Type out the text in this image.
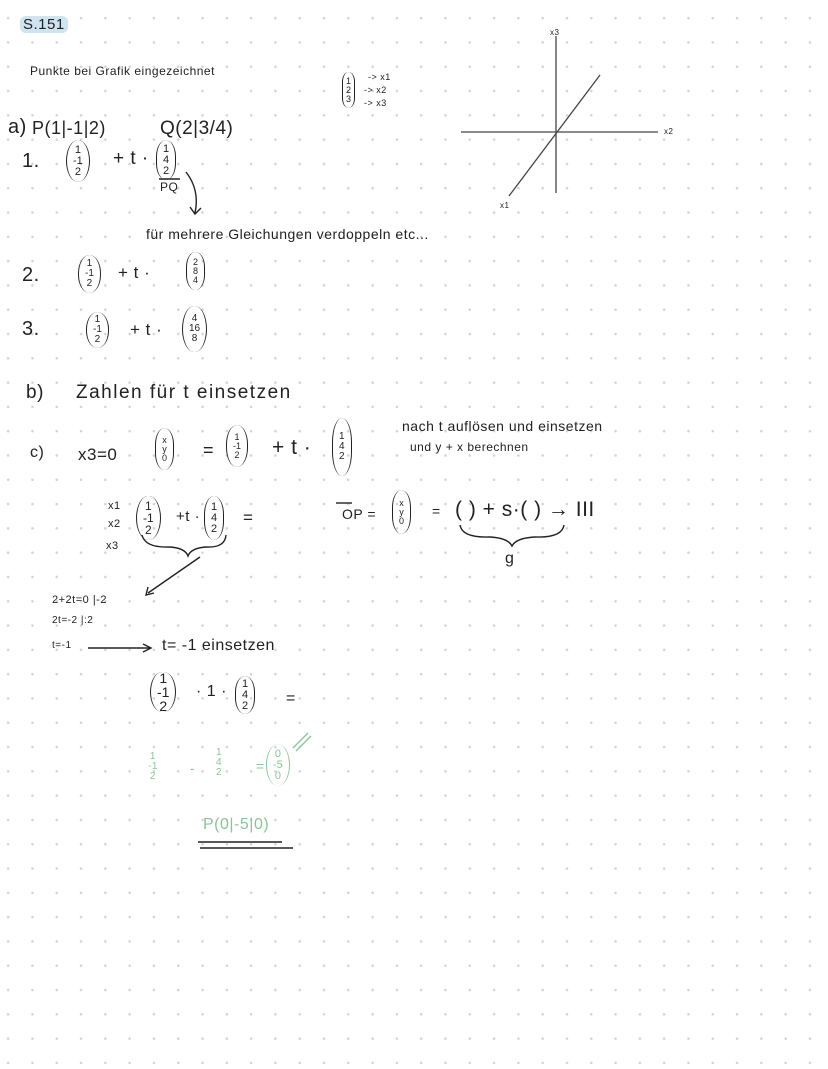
S.151
Punkte bei Grafik eingezeichnet
1
2
3
-> x1
-> x2
-> x3
x3
x2
x1
a) P(1|-1|2)	Q(2|3/4)
1.
1
-1
2
+ t · 1
4
2
PQ
für mehrere Gleichungen verdoppeln etc...
2.
1
-1
2
+ t ·
2
8
4
3.	1
-1
2
+ t ·
4
16
8
b) Zahlen für t einsetzen
c) x3=0
x
y
0 =
1
-1
2 + t ·	1
4
2
nach t auflösen und einsetzen
und y + x berechnen
x1
x2
x3
1
-1
2
+t ·
1
4
2
=	OP =
x
y
0
= ( ) + s·( ) → III
g
2+2t=0 |-2
2t=-2 |:2
t=-1	t= -1 einsetzen
1
-1
2
· 1 · 1
4
2 =
1
-1
2
-
1
4
2 =
0
-5
0
P(0|-5|0)
